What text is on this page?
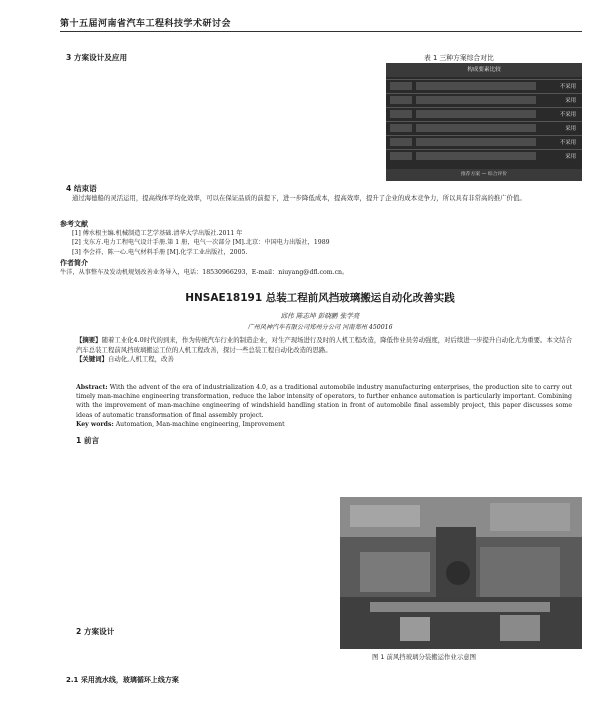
第十五届河南省汽车工程科技学术研讨会
3 方案设计及应用	表 1 三种方案综合对比
构成要素比较
不采用
采用
不采用
采用
不采用
采用
推荐方案 — 综合评价
4 结束语

通过海德船的灵活运用，提高线体平均化效率，可以在保证品质的前提下，进一步降低成本，提高效率，提升了企业的成本竞争力，所以具有非常高的推广价值。

参考文献

[1] 傅水根主编.机械制造工艺学基础.清华大学出版社.2011 年

[2] 戈东方.电力工程电气设计手册.第 1 册，电气一次部分 [M].北京：中国电力出版社，1989

[3] 李会祥，陈一心.电气材料手册 [M].化学工业出版社，2005.

作者简介

牛洋，从事整车及发动机规划改善业务导入，电话：18530966293，E-mail：niuyang@dfl.com.cn。

HNSAE18191 总装工程前风挡玻璃搬运自动化改善实践
邱伟 陈志坤 彭晓鹏 张学亮
广州风神汽车有限公司郑州分公司 河南郑州 450016

【摘要】随着工业化4.0时代的到来，作为传统汽车行业的制造企业，对生产现场进行及时的人机工程改造，降低作业员劳动强度，对后续进一步提升自动化尤为重要。本文结合汽车总装工程前风挡玻璃搬运工位的人机工程改善，探讨一些总装工程自动化改造的思路。

【关键词】自动化,人机工程，改善

Abstract: With the advent of the era of industrialization 4.0, as a traditional automobile industry manufacturing enterprises, the production site to carry out timely man-machine engineering transformation, reduce the labor intensity of operators, to further enhance automation is particularly important. Combining with the improvement of man-machine engineering of windshield handling station in front of automobile final assembly project, this paper discusses some ideas of automatic transformation of final assembly project.

Key words: Automation, Man-machine engineering, Improvement

1 前言
图 1 前风挡玻璃分装搬运作业示意图
2 方案设计
2.1 采用流水线，玻璃循环上线方案
